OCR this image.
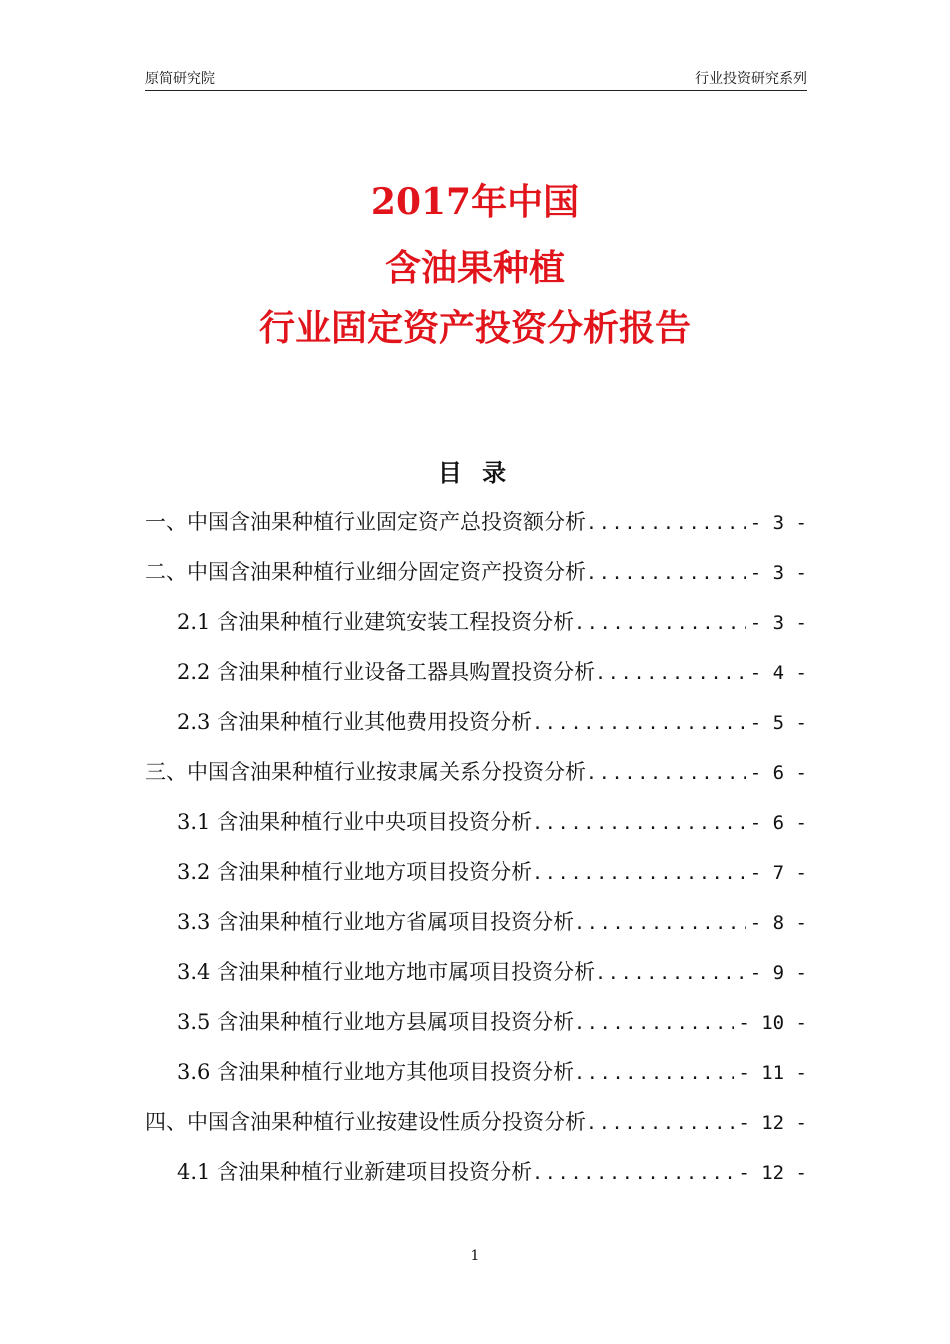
原简研究院	行业投资研究系列
2017年中国
含油果种植
行业固定资产投资分析报告
目 录
一、中国含油果种植行业固定资产总投资额分析 .....	- 3 -
二、中国含油果种植行业细分固定资产投资分析 .....	- 3 -
2.1 含油果种植行业建筑安装工程投资分析 .....	- 3 -
2.2 含油果种植行业设备工器具购置投资分析 .....	- 4 -
2.3 含油果种植行业其他费用投资分析 .....	- 5 -
三、中国含油果种植行业按隶属关系分投资分析 .....	- 6 -
3.1 含油果种植行业中央项目投资分析 .....	- 6 -
3.2 含油果种植行业地方项目投资分析 .....	- 7 -
3.3 含油果种植行业地方省属项目投资分析 .....	- 8 -
3.4 含油果种植行业地方地市属项目投资分析 .....	- 9 -
3.5 含油果种植行业地方县属项目投资分析 .....	- 10 -
3.6 含油果种植行业地方其他项目投资分析 .....	- 11 -
四、中国含油果种植行业按建设性质分投资分析 .....	- 12 -
4.1 含油果种植行业新建项目投资分析 .....	- 12 -
1
